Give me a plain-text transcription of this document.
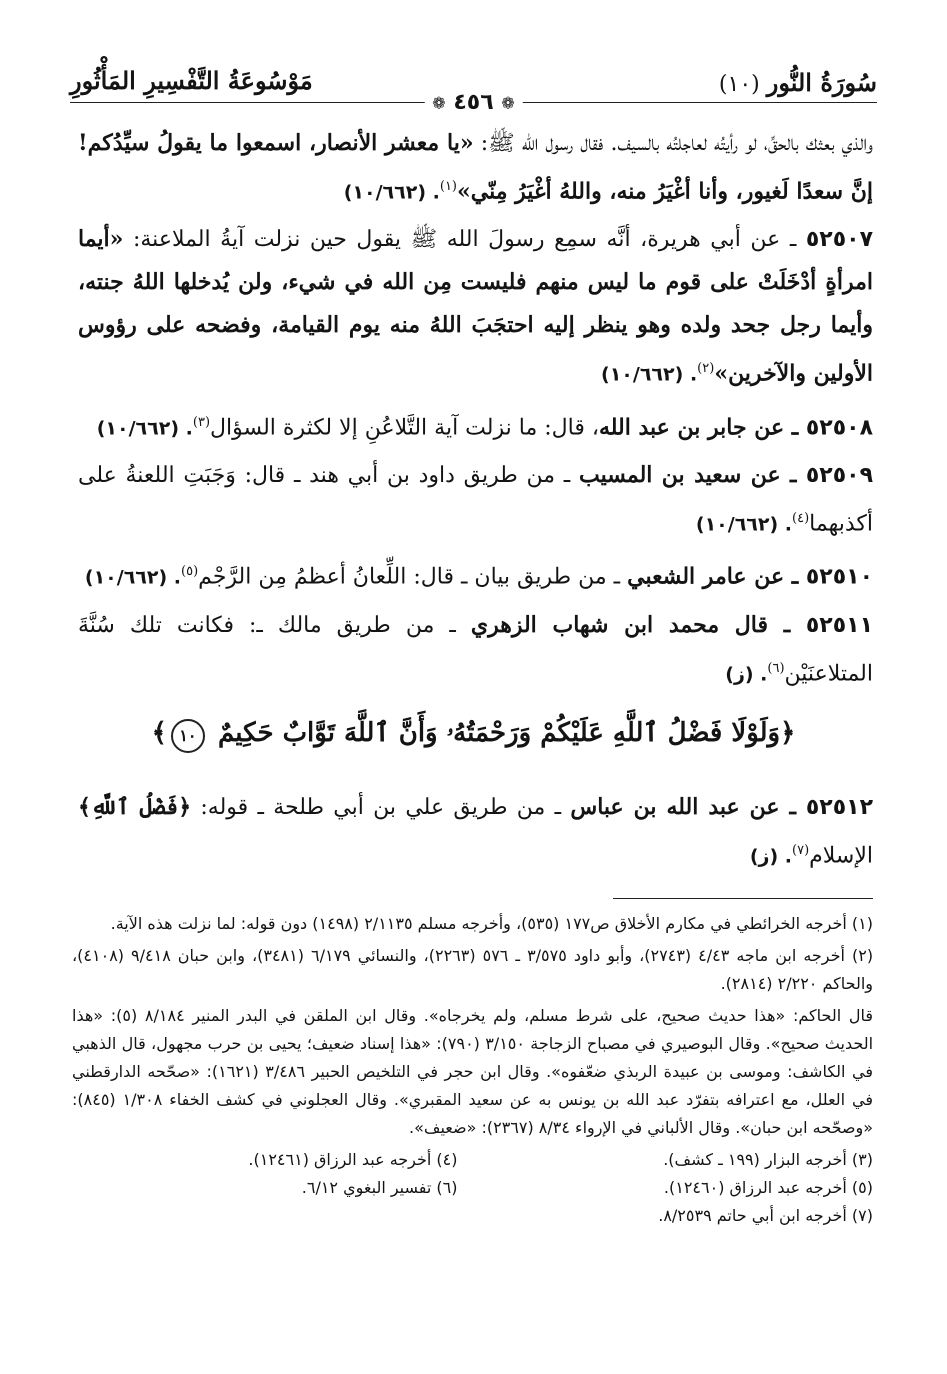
سُورَةُ النُّور (١٠)
مَوْسُوعَةُ التَّفْسِيرِ المَأْثُورِ
❁ ٤٥٦ ❁

والذي بعثك بالحقِّ، لو رأيتُه لعاجلتُه بالسيف. فقال رسول الله ﷺ: «يا معشر الأنصار، اسمعوا ما يقولُ سيِّدُكم! إنَّ سعدًا لَغيور، وأنا أغْيَرُ منه، واللهُ أغْيَرُ مِنّي»$^{(١)}$. (١٠/٦٦٢)

٥٢٥٠٧ ـ عن أبي هريرة، أنَّه سمِع رسولَ الله ﷺ يقول حين نزلت آيةُ الملاعنة: «أيما امرأةٍ أدْخَلَتْ على قوم ما ليس منهم فليست مِن الله في شيء، ولن يُدخلها اللهُ جنته، وأيما رجل جحد ولده وهو ينظر إليه احتجَبَ اللهُ منه يوم القيامة، وفضحه على رؤوس الأولين والآخرين»$^{(٢)}$. (١٠/٦٦٢)

٥٢٥٠٨ ـ عن جابر بن عبد الله، قال: ما نزلت آية التَّلاعُنِ إلا لكثرة السؤال$^{(٣)}$. (١٠/٦٦٢)

٥٢٥٠٩ ـ عن سعيد بن المسيب ـ من طريق داود بن أبي هند ـ قال: وَجَبَتِ اللعنةُ على أكذبهما$^{(٤)}$. (١٠/٦٦٢)

٥٢٥١٠ ـ عن عامر الشعبي ـ من طريق بيان ـ قال: اللِّعانُ أعظمُ مِن الرَّجْم$^{(٥)}$. (١٠/٦٦٢)

٥٢٥١١ ـ قال محمد ابن شهاب الزهري ـ من طريق مالك ـ: فكانت تلك سُنَّةَ المتلاعنَيْن$^{(٦)}$. (ز)

﴿وَلَوْلَا فَضْلُ ٱللَّهِ عَلَيْكُمْ وَرَحْمَتُهُۥ وَأَنَّ ٱللَّهَ تَوَّابٌ حَكِيمٌ ١٠﴾

٥٢٥١٢ ـ عن عبد الله بن عباس ـ من طريق علي بن أبي طلحة ـ قوله: ﴿فَضْلُ ٱللَّهِ﴾ الإسلام$^{(٧)}$. (ز)

(١) أخرجه الخرائطي في مكارم الأخلاق ص١٧٧ (٥٣٥)، وأخرجه مسلم ٢/١١٣٥ (١٤٩٨) دون قوله: لما نزلت هذه الآية.

(٢) أخرجه ابن ماجه ٤/٤٣ (٢٧٤٣)، وأبو داود ٣/٥٧٥ ـ ٥٧٦ (٢٢٦٣)، والنسائي ٦/١٧٩ (٣٤٨١)، وابن حبان ٩/٤١٨ (٤١٠٨)، والحاكم ٢/٢٢٠ (٢٨١٤).

قال الحاكم: «هذا حديث صحيح، على شرط مسلم، ولم يخرجاه». وقال ابن الملقن في البدر المنير ٨/١٨٤ (٥): «هذا الحديث صحيح». وقال البوصيري في مصباح الزجاجة ٣/١٥٠ (٧٩٠): «هذا إسناد ضعيف؛ يحيى بن حرب مجهول، قال الذهبي في الكاشف: وموسى بن عبيدة الربذي ضعّفوه». وقال ابن حجر في التلخيص الحبير ٣/٤٨٦ (١٦٢١): «صحّحه الدارقطني في العلل، مع اعترافه بتفرّد عبد الله بن يونس به عن سعيد المقبري». وقال العجلوني في كشف الخفاء ١/٣٠٨ (٨٤٥): «وصحّحه ابن حبان». وقال الألباني في الإرواء ٨/٣٤ (٢٣٦٧): «ضعيف».

(٣) أخرجه البزار (١٩٩ ـ كشف).
(٤) أخرجه عبد الرزاق (١٢٤٦١).
(٥) أخرجه عبد الرزاق (١٢٤٦٠).
(٦) تفسير البغوي ٦/١٢.
(٧) أخرجه ابن أبي حاتم ٨/٢٥٣٩.
